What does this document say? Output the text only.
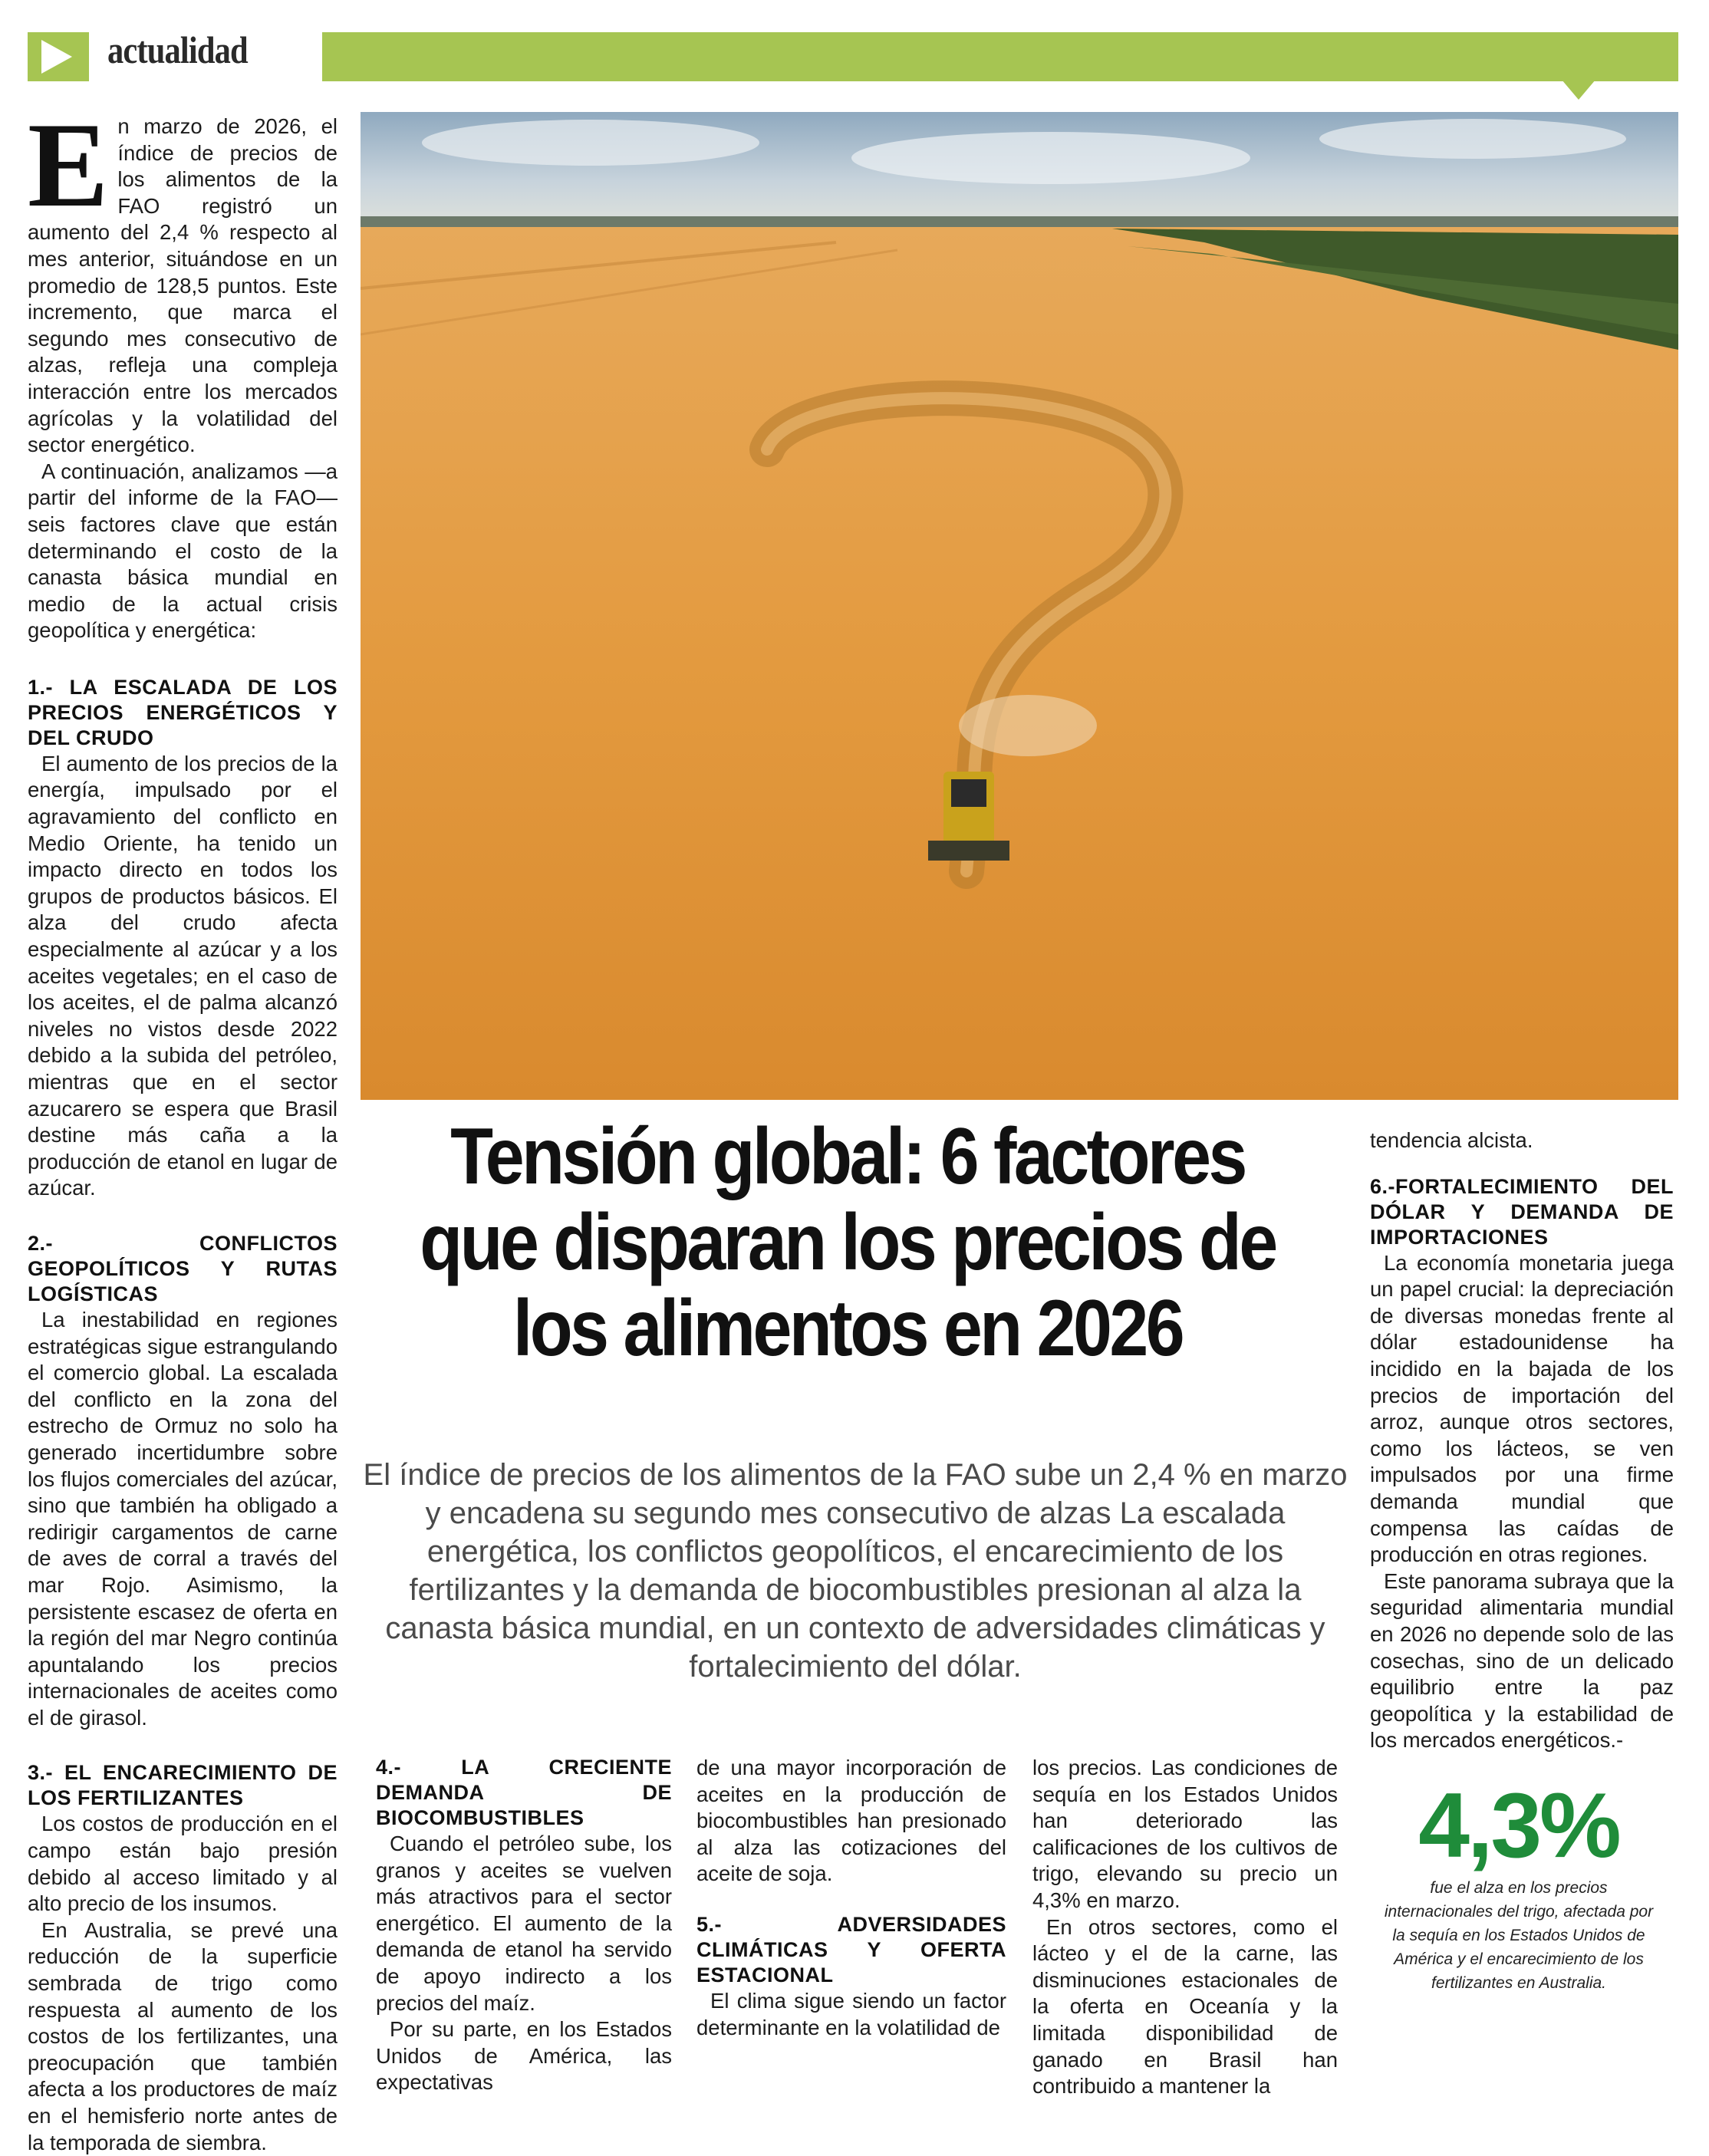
actualidad
E n marzo de 2026, el índice de precios de los alimentos de la FAO registró un aumento del 2,4 % respecto al mes anterior, situándose en un promedio de 128,5 puntos. Este incremento, que marca el segundo mes consecutivo de alzas, refleja una compleja interacción entre los mercados agrícolas y la volatilidad del sector energético.

A continuación, analizamos —a partir del informe de la FAO— seis factores clave que están determinando el costo de la canasta básica mundial en medio de la actual crisis geopolítica y energética:

1.- LA ESCALADA DE LOS PRECIOS ENERGÉTICOS Y DEL CRUDO

El aumento de los precios de la energía, impulsado por el agravamiento del conflicto en Medio Oriente, ha tenido un impacto directo en todos los grupos de productos básicos. El alza del crudo afecta especialmente al azúcar y a los aceites vegetales; en el caso de los aceites, el de palma alcanzó niveles no vistos desde 2022 debido a la subida del petróleo, mientras que en el sector azucarero se espera que Brasil destine más caña a la producción de etanol en lugar de azúcar.

2.- CONFLICTOS GEOPOLÍTICOS Y RUTAS LOGÍSTICAS

La inestabilidad en regiones estratégicas sigue estrangulando el comercio global. La escalada del conflicto en la zona del estrecho de Ormuz no solo ha generado incertidumbre sobre los flujos comerciales del azúcar, sino que también ha obligado a redirigir cargamentos de carne de aves de corral a través del mar Rojo. Asimismo, la persistente escasez de oferta en la región del mar Negro continúa apuntalando los precios internacionales de aceites como el de girasol.

3.- EL ENCARECIMIENTO DE LOS FERTILIZANTES

Los costos de producción en el campo están bajo presión debido al acceso limitado y al alto precio de los insumos.

En Australia, se prevé una reducción de la superficie sembrada de trigo como respuesta al aumento de los costos de los fertilizantes, una preocupación que también afecta a los productores de maíz en el hemisferio norte antes de la temporada de siembra.

Tensión global: 6 factores que disparan los precios de los alimentos en 2026
El índice de precios de los alimentos de la FAO sube un 2,4 % en marzo y encadena su segundo mes consecutivo de alzas La escalada energética, los conflictos geopolíticos, el encarecimiento de los fertilizantes y la demanda de biocombustibles presionan al alza la canasta básica mundial, en un contexto de adversidades climáticas y fortalecimiento del dólar.
4.- LA CRECIENTE DEMANDA DE BIOCOMBUSTIBLES

Cuando el petróleo sube, los granos y aceites se vuelven más atractivos para el sector energético. El aumento de la demanda de etanol ha servido de apoyo indirecto a los precios del maíz.

Por su parte, en los Estados Unidos de América, las expectativas

de una mayor incorporación de aceites en la producción de biocombustibles han presionado al alza las cotizaciones del aceite de soja.

5.- ADVERSIDADES CLIMÁTICAS Y OFERTA ESTACIONAL

El clima sigue siendo un factor determinante en la volatilidad de

los precios. Las condiciones de sequía en los Estados Unidos han deteriorado las calificaciones de los cultivos de trigo, elevando su precio un 4,3% en marzo.

En otros sectores, como el lácteo y el de la carne, las disminuciones estacionales de la oferta en Oceanía y la limitada disponibilidad de ganado en Brasil han contribuido a mantener la

tendencia alcista.

6.-FORTALECIMIENTO DEL DÓLAR Y DEMANDA DE IMPORTACIONES

La economía monetaria juega un papel crucial: la depreciación de diversas monedas frente al dólar estadounidense ha incidido en la bajada de los precios de importación del arroz, aunque otros sectores, como los lácteos, se ven impulsados por una firme demanda mundial que compensa las caídas de producción en otras regiones.

Este panorama subraya que la seguridad alimentaria mundial en 2026 no depende solo de las cosechas, sino de un delicado equilibrio entre la paz geopolítica y la estabilidad de los mercados energéticos.-

4,3%
fue el alza en los precios internacionales del trigo, afectada por la sequía en los Estados Unidos de América y el encarecimiento de los fertilizantes en Australia.
